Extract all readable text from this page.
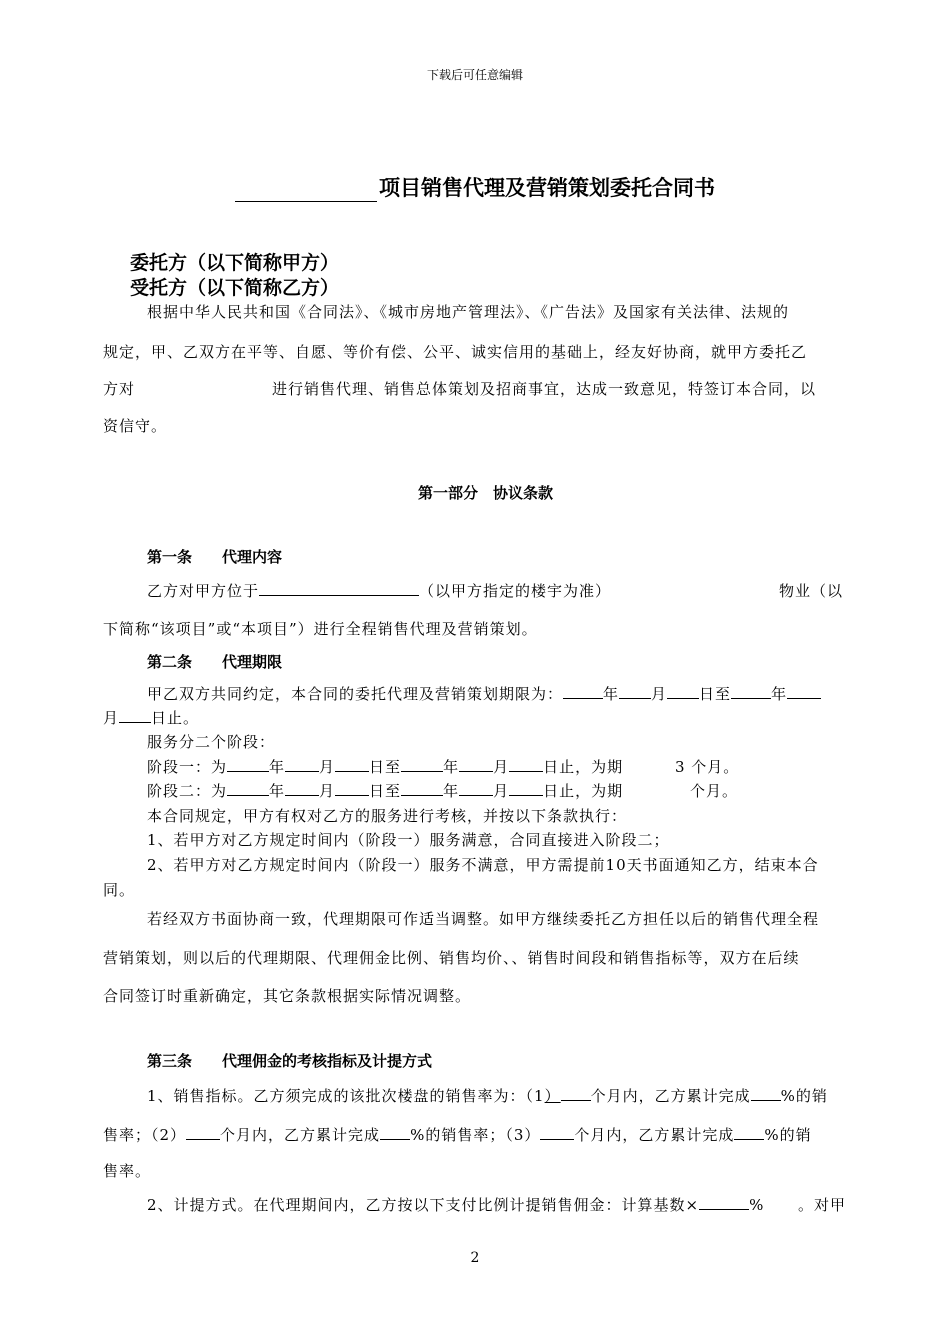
下载后可任意编辑
项目销售代理及营销策划委托合同书
委托方（以下简称甲方）
受托方（以下简称乙方）
根据中华人民共和国《合同法》、《城市房地产管理法》、《广告法》及国家有关法律、法规的
规定，甲、乙双方在平等、自愿、等价有偿、公平、诚实信用的基础上，经友好协商，就甲方委托乙
方对	进行销售代理、销售总体策划及招商事宜，达成一致意见，特签订本合同，以
资信守。
第一部分　协议条款
第一条　　代理内容
乙方对甲方位于	（以甲方指定的楼宇为准）	物业（以
下简称“该项目”或“本项目”）进行全程销售代理及营销策划。
第二条　　代理期限
甲乙双方共同约定，本合同的委托代理及营销策划期限为：	年 月 日至	年
月 日止。
服务分二个阶段：
阶段一：为	年 月 日至	年 月 日止，为期	3 个月。
阶段二：为	年 月 日至	年 月 日止，为期	个月。
本合同规定，甲方有权对乙方的服务进行考核，并按以下条款执行：
1、若甲方对乙方规定时间内（阶段一）服务满意，合同直接进入阶段二；
2、若甲方对乙方规定时间内（阶段一）服务不满意，甲方需提前10天书面通知乙方，结束本合
同。
若经双方书面协商一致，代理期限可作适当调整。如甲方继续委托乙方担任以后的销售代理全程
营销策划，则以后的代理期限、代理佣金比例、销售均价、、销售时间段和销售指标等，双方在后续
合同签订时重新确定，其它条款根据实际情况调整。
第三条　　代理佣金的考核指标及计提方式
1、销售指标。乙方须完成的该批次楼盘的销售率为：（1） 个月内，乙方累计完成 %的销
售率；（2） 个月内，乙方累计完成 %的销售率；（3） 个月内，乙方累计完成 %的销
售率。
2、计提方式。在代理期间内，乙方按以下支付比例计提销售佣金：计算基数×	% 。对甲
2
